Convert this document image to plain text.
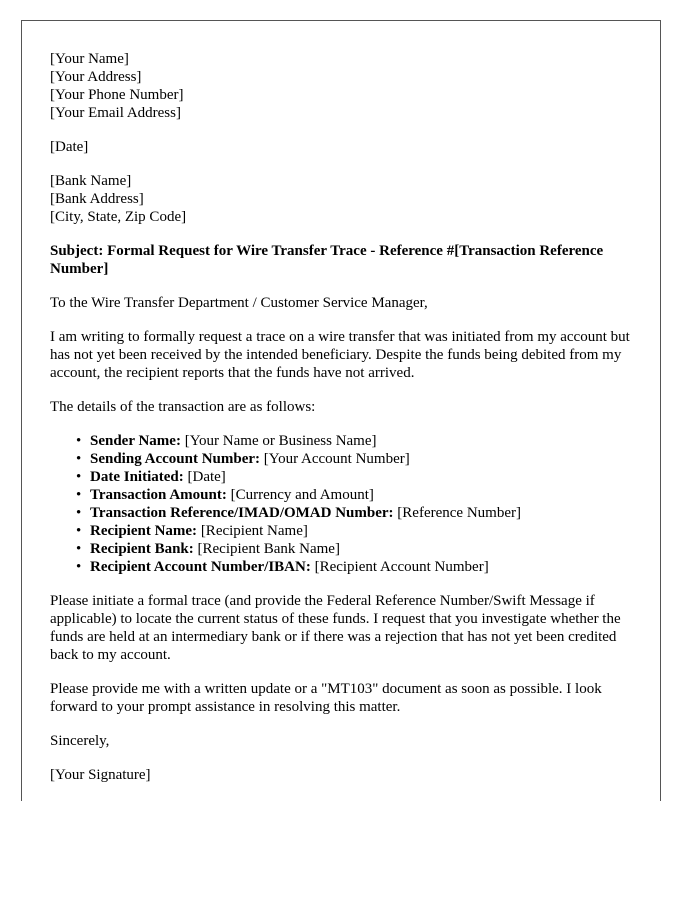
[Your Name]
[Your Address]
[Your Phone Number]
[Your Email Address]
[Date]
[Bank Name]
[Bank Address]
[City, State, Zip Code]
Subject: Formal Request for Wire Transfer Trace - Reference #[Transaction Reference Number]

To the Wire Transfer Department / Customer Service Manager,

I am writing to formally request a trace on a wire transfer that was initiated from my account but has not yet been received by the intended beneficiary. Despite the funds being debited from my account, the recipient reports that the funds have not arrived.

The details of the transaction are as follows:

• Sender Name: [Your Name or Business Name]
• Sending Account Number: [Your Account Number]
• Date Initiated: [Date]
• Transaction Amount: [Currency and Amount]
• Transaction Reference/IMAD/OMAD Number: [Reference Number]
• Recipient Name: [Recipient Name]
• Recipient Bank: [Recipient Bank Name]
• Recipient Account Number/IBAN: [Recipient Account Number]

Please initiate a formal trace (and provide the Federal Reference Number/Swift Message if applicable) to locate the current status of these funds. I request that you investigate whether the funds are held at an intermediary bank or if there was a rejection that has not yet been credited back to my account.

Please provide me with a written update or a "MT103" document as soon as possible. I look forward to your prompt assistance in resolving this matter.

Sincerely,

[Your Signature]
